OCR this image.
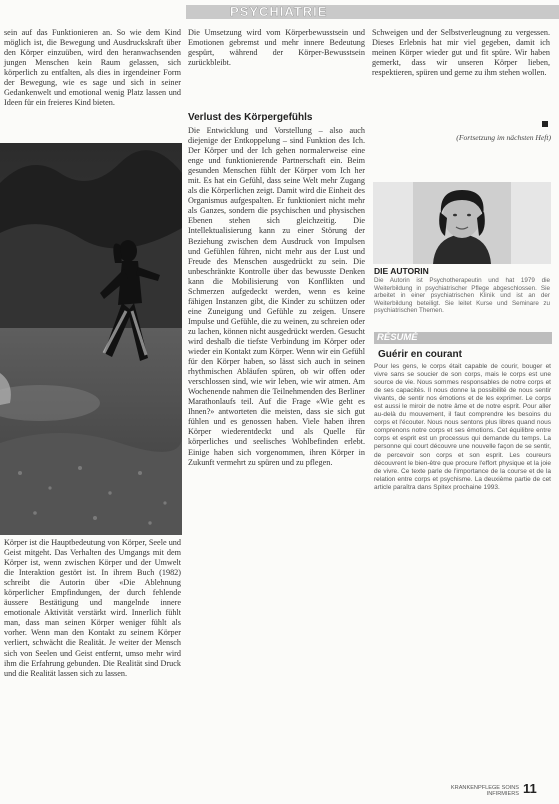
PSYCHIATRIE

sein auf das Funktionieren an. So wie dem Kind möglich ist, die Bewegung und Ausdruckskraft über den Körper einzuüben, wird den heranwachsenden jungen Menschen kein Raum gelassen, sich körperlich zu entfalten, als dies in irgendeiner Form der Bewegung, wie es sage und sich in seiner Gedankenwelt und emotional wenig Platz lassen und Ideen für ein freieres Kind bieten.

Körper ist die Hauptbedeutung von Körper, Seele und Geist mitgeht. Das Verhalten des Umgangs mit dem Körper ist, wenn zwischen Körper und der Umwelt die Interaktion gestört ist. In ihrem Buch (1982) schreibt die Autorin über «Die Ablehnung körperlicher Empfindungen, der durch fehlende äussere Bestätigung und mangelnde innere emotionale Aktivität verstärkt wird. Innerlich fühlt man, dass man seinen Körper weniger fühlt als vorher. Wenn man den Kontakt zu seinem Körper verliert, schwächt die Realität. Je weiter der Mensch sich von Seelen und Geist entfernt, umso mehr wird ihm die Erfahrung gebunden. Die Realität sind Druck und die Realität lassen sich zu lassen.

Die Umsetzung wird vom Körperbewusstsein und Emotionen gebremst und mehr innere Bedeutung gespürt, während der Körper-Bewusstsein zurückbleibt.

Verlust des Körpergefühls

Die Entwicklung und Vorstellung – also auch diejenige der Entkoppelung – sind Funktion des Ich. Der Körper und der Ich gehen normalerweise eine enge und funktionierende Partnerschaft ein. Beim gesunden Menschen fühlt der Körper vom Ich her mit. Es hat ein Gefühl, dass seine Welt mehr Zugang als die Körperlichen zeigt. Damit wird die Einheit des Organismus aufgespalten. Er funktioniert nicht mehr als Ganzes, sondern die psychischen und physischen Ebenen stehen sich gleichzeitig. Die Intellektualisierung kann zu einer Störung der Beziehung zwischen dem Ausdruck von Impulsen und Gefühlen führen, nicht mehr aus der Lust und Freude des Menschen ausgedrückt zu sein. Die unbeschränkte Kontrolle über das bewusste Denken kann die Mobilisierung von Konflikten und Schmerzen aufgedeckt werden, wenn es keine fähigen Instanzen gibt, die Kinder zu schützen oder eine Zuneigung und Gefühle zu zeigen. Unsere Impulse und Gefühle, die zu weinen, zu schreien oder zu lachen, können nicht ausgedrückt werden. Gesucht wird deshalb die tiefste Verbindung im Körper oder wieder ein Kontakt zum Körper. Wenn wir ein Gefühl für den Körper haben, so lässt sich auch in seinen rhythmischen Abläufen spüren, ob wir offen oder verschlossen sind, wie wir leben, wie wir atmen. Am Wochenende nahmen die Teilnehmenden des Berliner Marathonlaufs teil. Auf die Frage «Wie geht es Ihnen?» antworteten die meisten, dass sie sich gut fühlen und es genossen haben. Viele haben ihren Körper wiederentdeckt und als Quelle für körperliches und seelisches Wohlbefinden erlebt. Einige haben sich vorgenommen, ihren Körper in Zukunft vermehrt zu spüren und zu pflegen.

Schweigen und der Selbstverleugnung zu vergessen. Dieses Erlebnis hat mir viel gegeben, damit ich meinen Körper wieder gut und fit spüre. Wir haben gemerkt, dass wir unseren Körper lieben, respektieren, spüren und gerne zu ihm stehen wollen.

(Fortsetzung im nächsten Heft)
DIE AUTORIN
Die Autorin ist Psychotherapeutin und hat 1979 die Weiterbildung in psychiatrischer Pflege abgeschlossen. Sie arbeitet in einer psychiatrischen Klinik und ist an der Weiterbildung beteiligt. Sie leitet Kurse und Seminare zu psychiatrischen Themen.
RÉSUMÉ
Guérir en courant
Pour les gens, le corps était capable de courir, bouger et vivre sans se soucier de son corps, mais le corps est une source de vie. Nous sommes responsables de notre corps et de ses capacités. Il nous donne la possibilité de nous sentir vivants, de sentir nos émotions et de les exprimer. Le corps est aussi le miroir de notre âme et de notre esprit. Pour aller au-delà du mouvement, il faut comprendre les besoins du corps et l'écouter. Nous nous sentons plus libres quand nous comprenons notre corps et ses émotions. Cet équilibre entre corps et esprit est un processus qui demande du temps. La personne qui court découvre une nouvelle façon de se sentir, de percevoir son corps et son esprit. Les coureurs découvrent le bien-être que procure l'effort physique et la joie de vivre. Ce texte parle de l'importance de la course et de la relation entre corps et psychisme. La deuxième partie de cet article paraîtra dans Spitex prochaine 1993.
KRANKENPFLEGE SOINS INFIRMIERS 11
